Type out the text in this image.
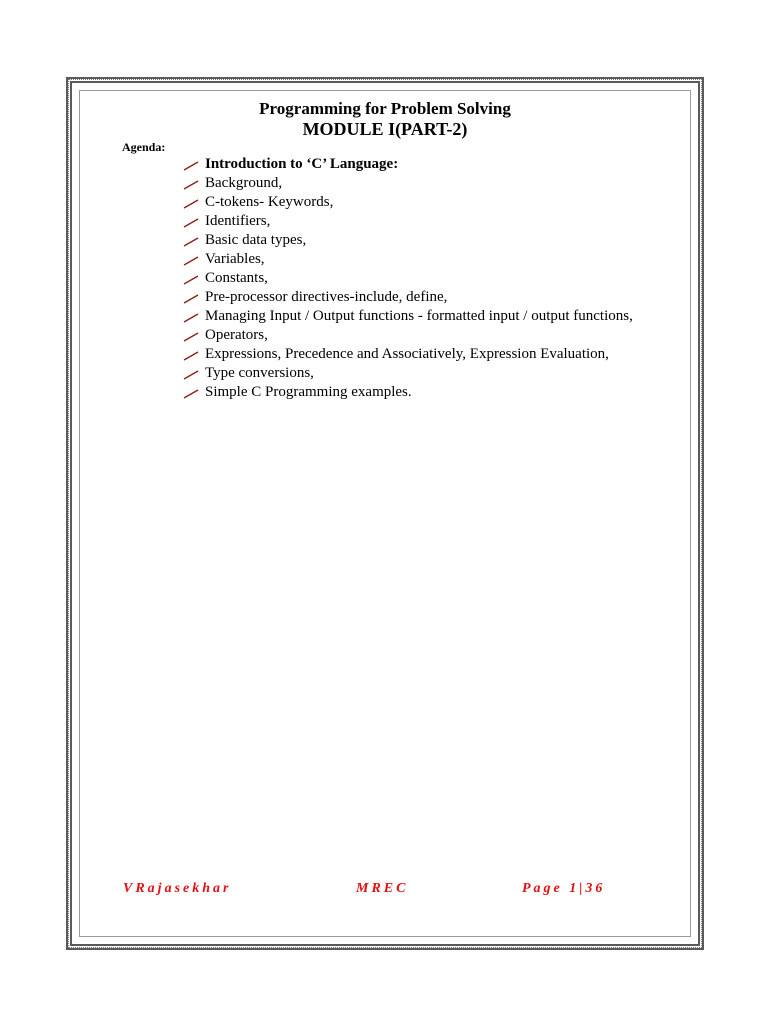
Programming for Problem Solving
MODULE I(PART-2)
Agenda:
Introduction to ‘C’ Language:
Background,
C-tokens- Keywords,
Identifiers,
Basic data types,
Variables,
Constants,
Pre-processor directives-include, define,
Managing Input / Output functions - formatted input / output functions,
Operators,
Expressions, Precedence and Associatively, Expression Evaluation,
Type conversions,
Simple C Programming examples.
VRajasekhar	MREC	Page 1|36
